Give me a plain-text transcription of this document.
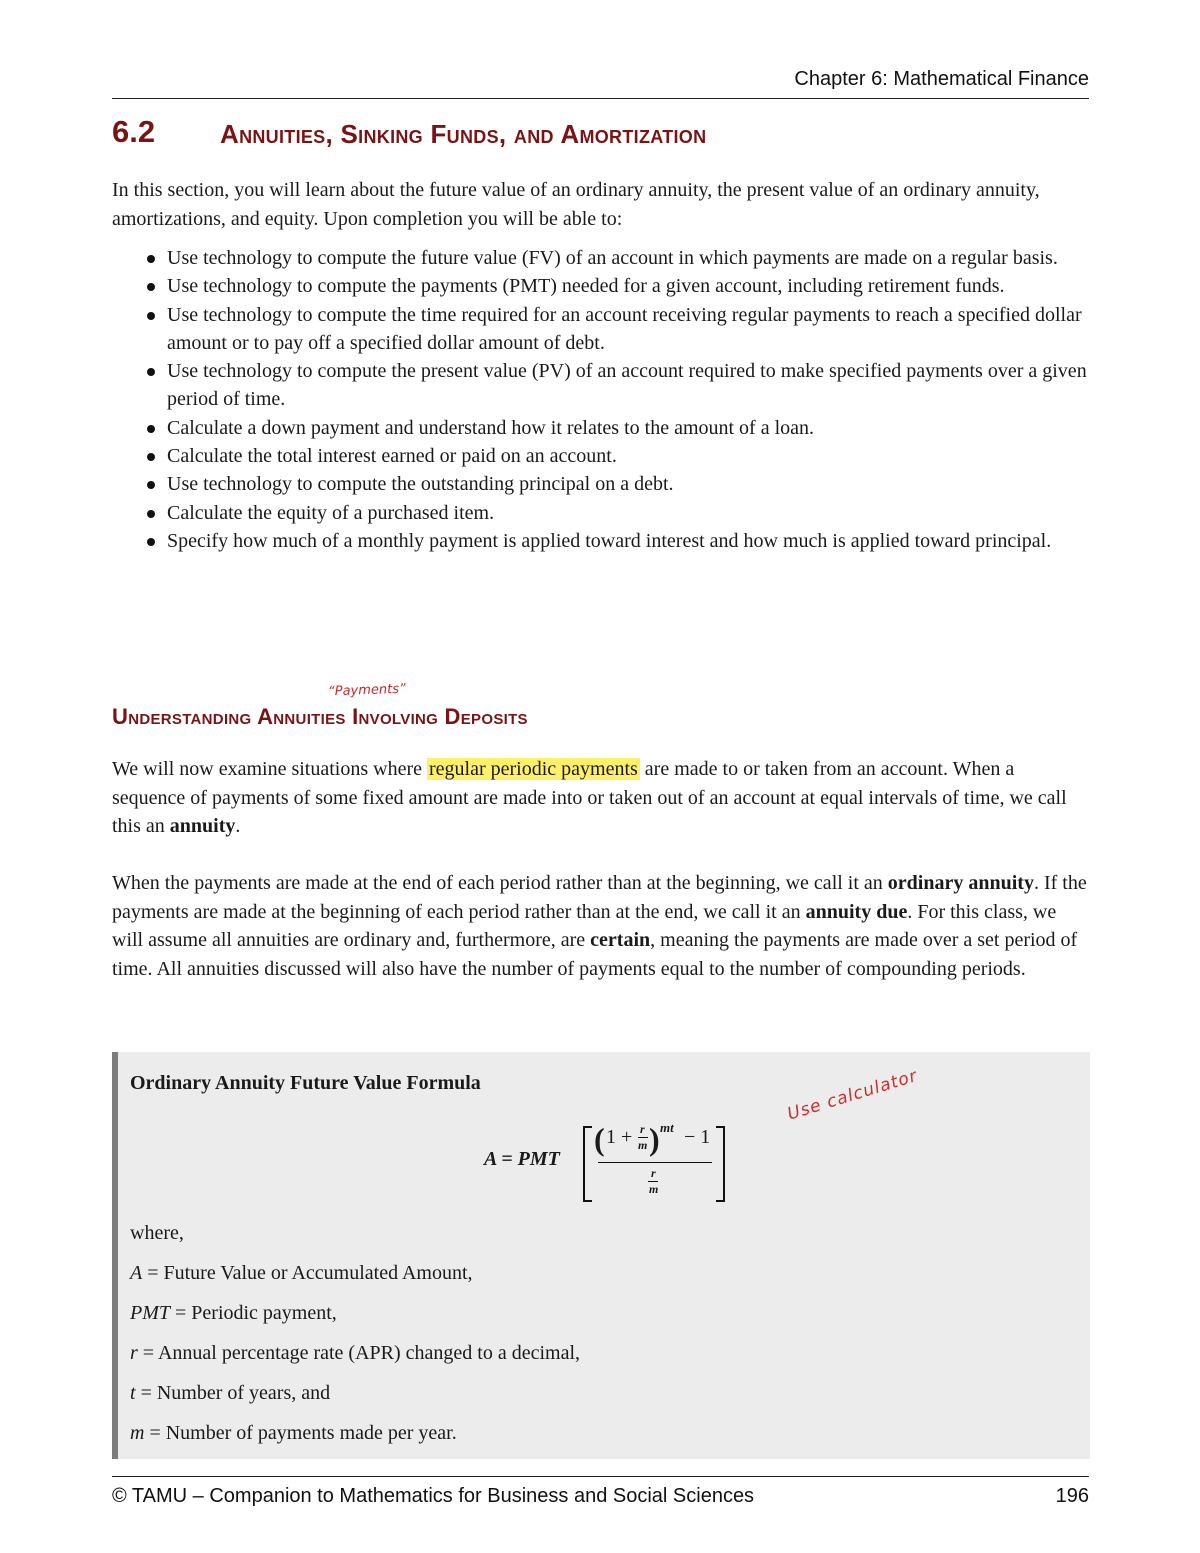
Chapter 6: Mathematical Finance
6.2 Annuities, Sinking Funds, and Amortization

In this section, you will learn about the future value of an ordinary annuity, the present value of an ordinary annuity, amortizations, and equity. Upon completion you will be able to:

Use technology to compute the future value (FV) of an account in which payments are made on a regular basis.
Use technology to compute the payments (PMT) needed for a given account, including retirement funds.
Use technology to compute the time required for an account receiving regular payments to reach a specified dollar amount or to pay off a specified dollar amount of debt.
Use technology to compute the present value (PV) of an account required to make specified payments over a given period of time.
Calculate a down payment and understand how it relates to the amount of a loan.
Calculate the total interest earned or paid on an account.
Use technology to compute the outstanding principal on a debt.
Calculate the equity of a purchased item.
Specify how much of a monthly payment is applied toward interest and how much is applied toward principal.
“Payments”
Understanding Annuities Involving Deposits

We will now examine situations where regular periodic payments are made to or taken from an account. When a sequence of payments of some fixed amount are made into or taken out of an account at equal intervals of time, we call this an annuity.

When the payments are made at the end of each period rather than at the beginning, we call it an ordinary annuity. If the payments are made at the beginning of each period rather than at the end, we call it an annuity due. For this class, we will assume all annuities are ordinary and, furthermore, are certain, meaning the payments are made over a set period of time. All annuities discussed will also have the number of payments equal to the number of compounding periods.

Ordinary Annuity Future Value Formula
A = PMT
( 1 + r
m ) mt − 1
r
m
where,
A = Future Value or Accumulated Amount,
PMT = Periodic payment,
r = Annual percentage rate (APR) changed to a decimal,
t = Number of years, and
m = Number of payments made per year.
Use calculator
© TAMU – Companion to Mathematics for Business and Social Sciences	196
